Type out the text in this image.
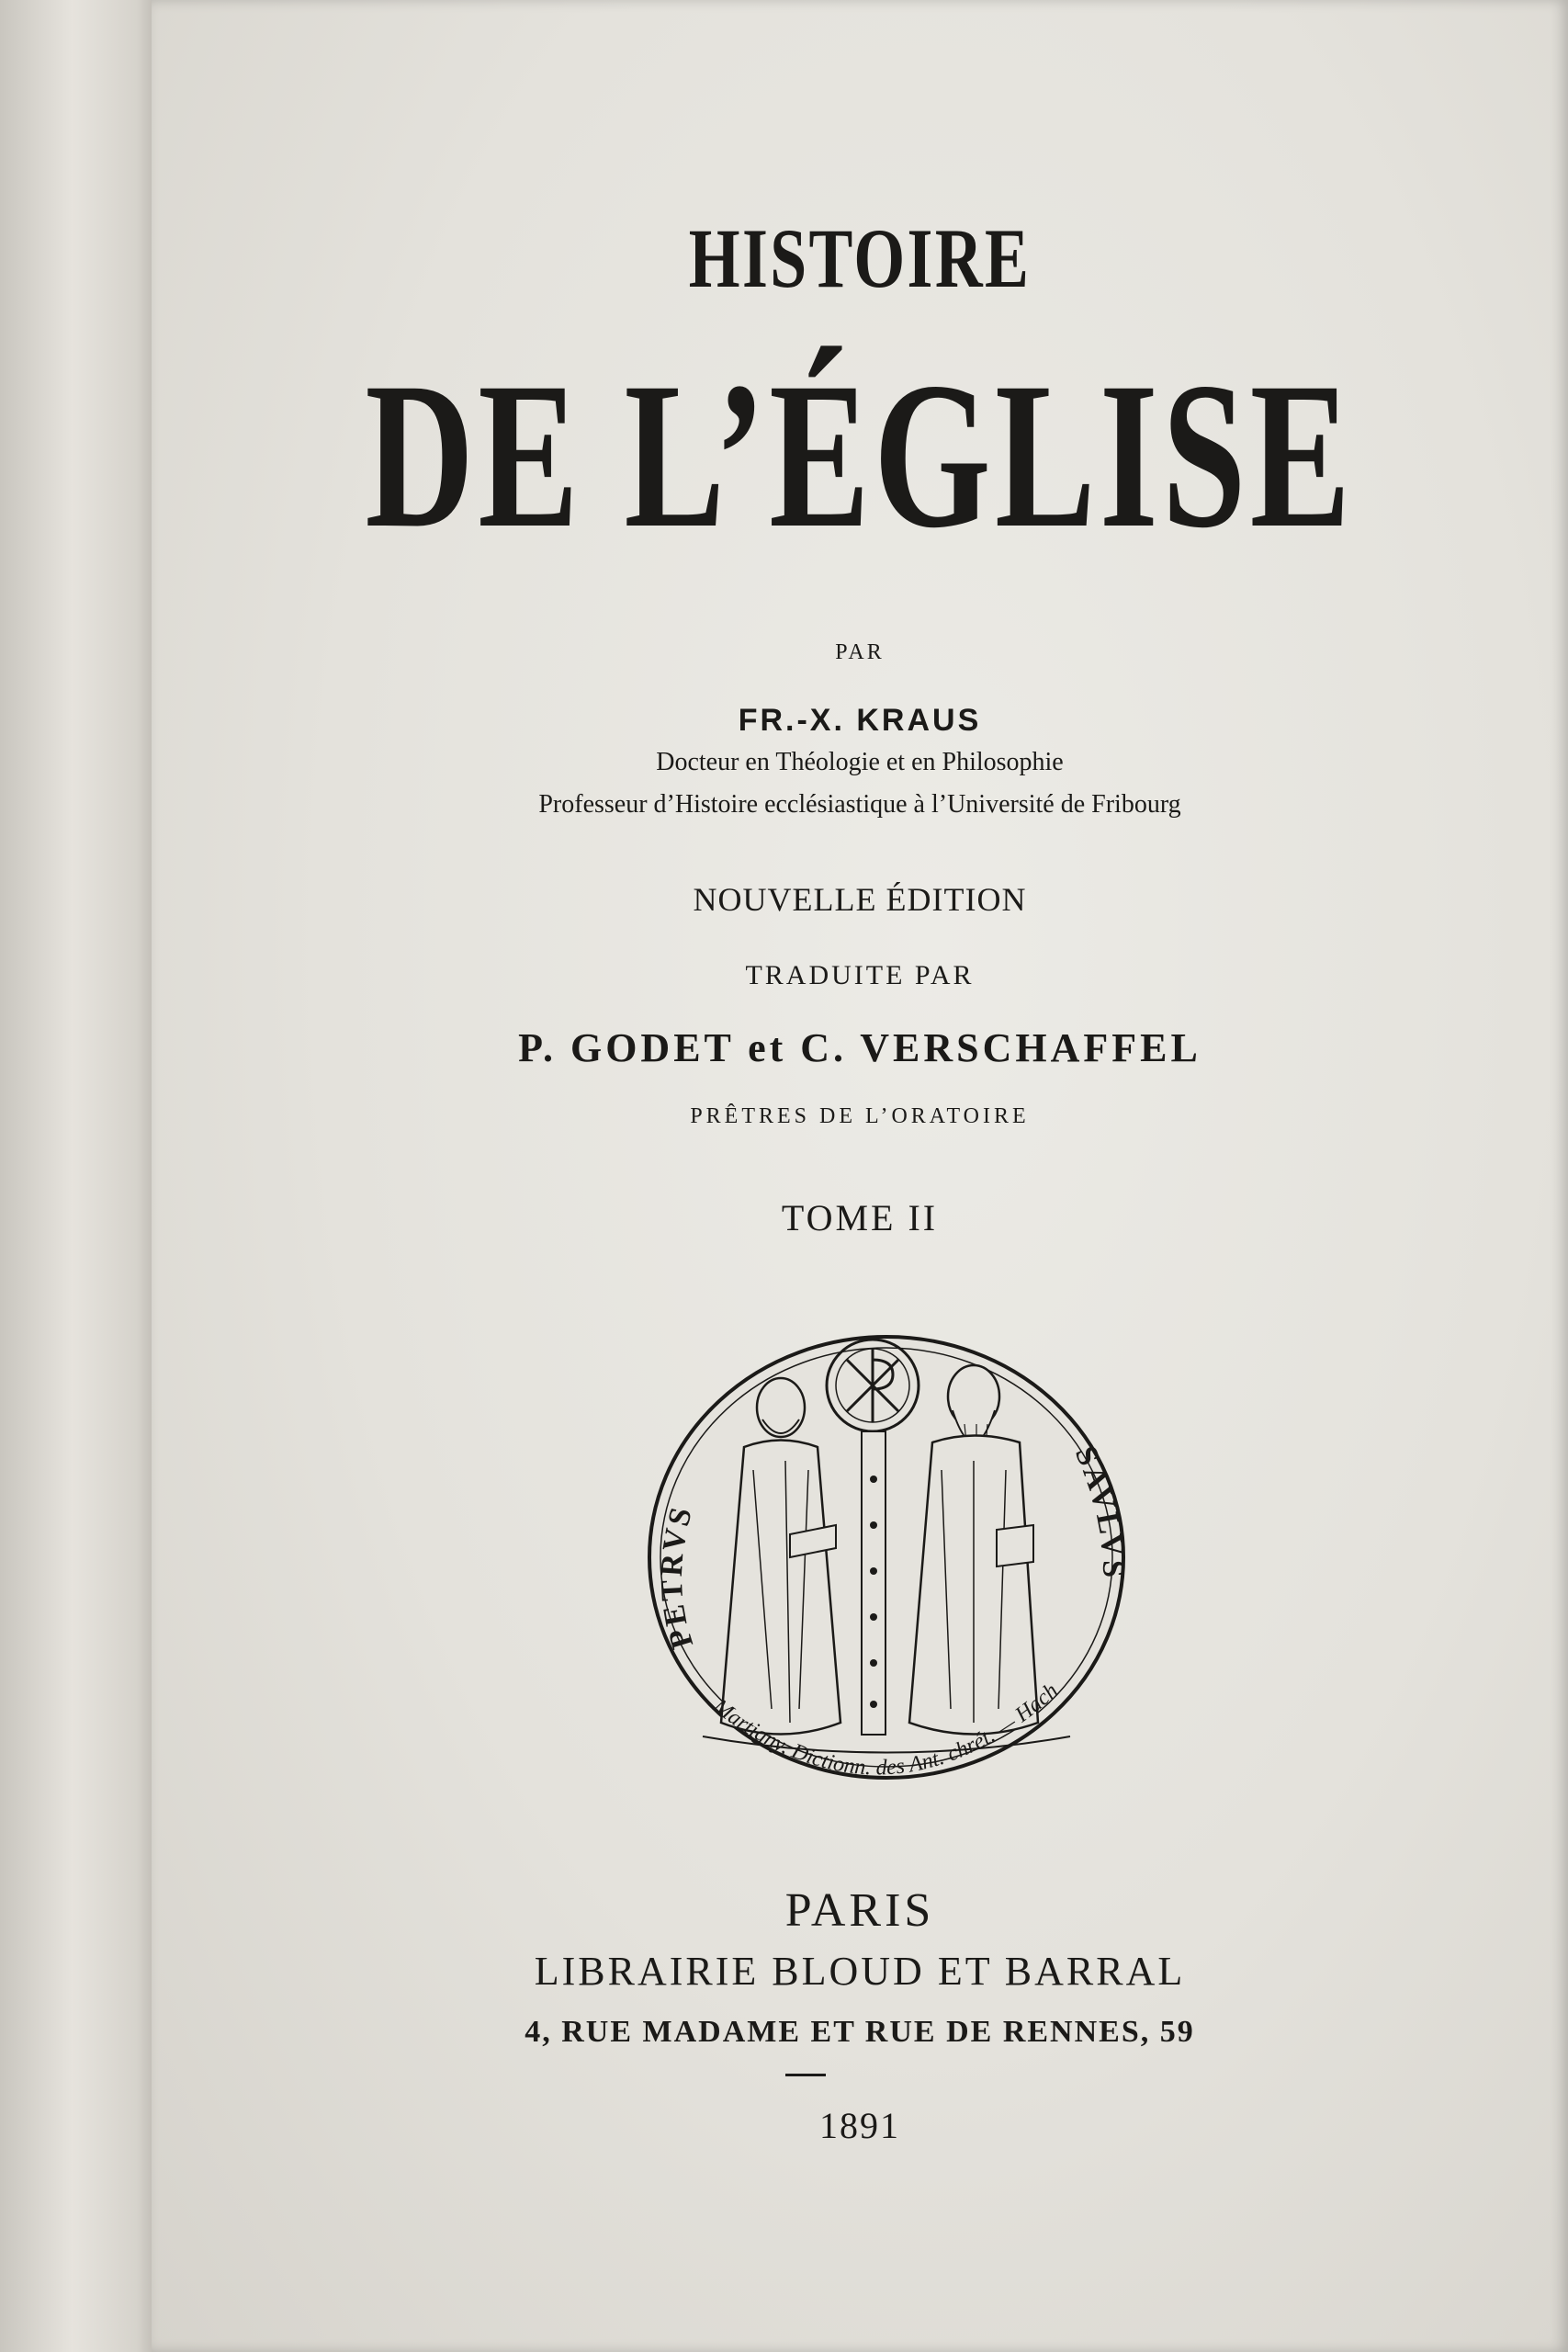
HISTOIRE
DE L’ÉGLISE
PAR
FR.-X. KRAUS
Docteur en Théologie et en Philosophie
Professeur d’Histoire ecclésiastique à l’Université de Fribourg
NOUVELLE ÉDITION
TRADUITE PAR
P. GODET et C. VERSCHAFFEL
PRÊTRES DE L’ORATOIRE
TOME II
PETRVS
SAVLVS
Martigny, Dictionn. des Ant. chrét. — Hach
PARIS
LIBRAIRIE BLOUD ET BARRAL
4, RUE MADAME ET RUE DE RENNES, 59
1891
